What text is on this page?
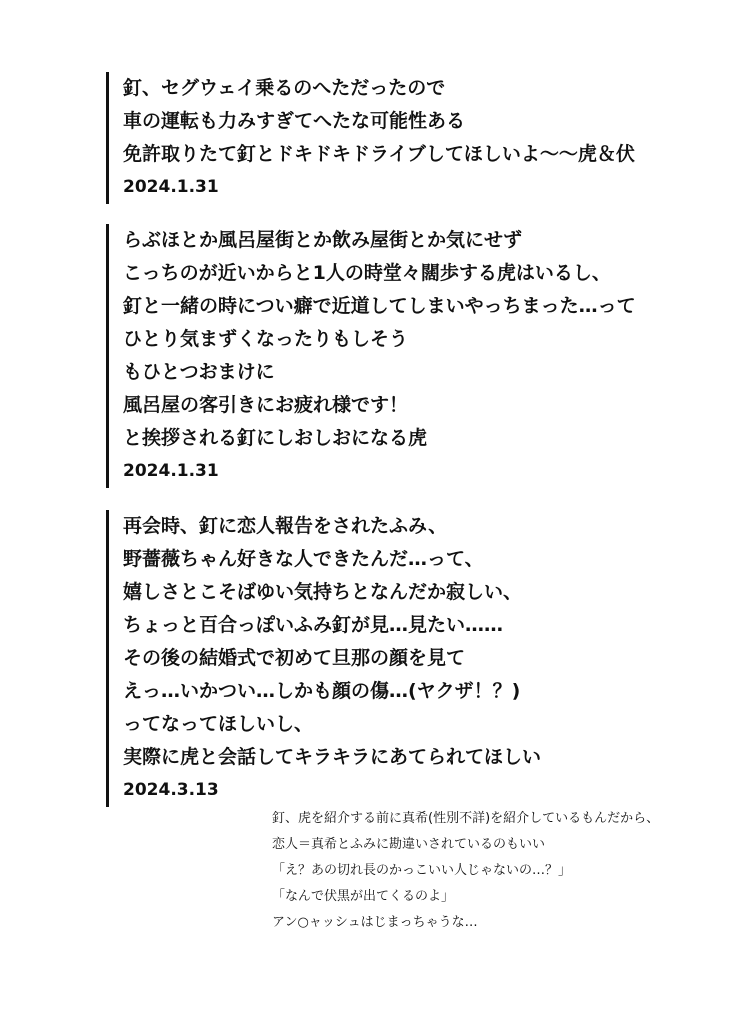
釘、セグウェイ乗るのへただったので
車の運転も力みすぎてへたな可能性ある
免許取りたて釘とドキドキドライブしてほしいよ〜〜虎＆伏
2024.1.31
らぶほとか風呂屋街とか飲み屋街とか気にせず
こっちのが近いからと1人の時堂々闊歩する虎はいるし、
釘と一緒の時につい癖で近道してしまいやっちまった…って
ひとり気まずくなったりもしそう
もひとつおまけに
風呂屋の客引きにお疲れ様です！
と挨拶される釘にしおしおになる虎
2024.1.31
再会時、釘に恋人報告をされたふみ、
野薔薇ちゃん好きな人できたんだ…って、
嬉しさとこそばゆい気持ちとなんだか寂しい、
ちょっと百合っぽいふみ釘が見…見たい……
その後の結婚式で初めて旦那の顔を見て
えっ…いかつい…しかも顔の傷…(ヤクザ！？)
ってなってほしいし、
実際に虎と会話してキラキラにあてられてほしい
2024.3.13
釘、虎を紹介する前に真希(性別不詳)を紹介しているもんだから、
恋人＝真希とふみに勘違いされているのもいい
「え？あの切れ長のかっこいい人じゃないの…？」
「なんで伏黒が出てくるのよ」
アン○ャッシュはじまっちゃうな…
